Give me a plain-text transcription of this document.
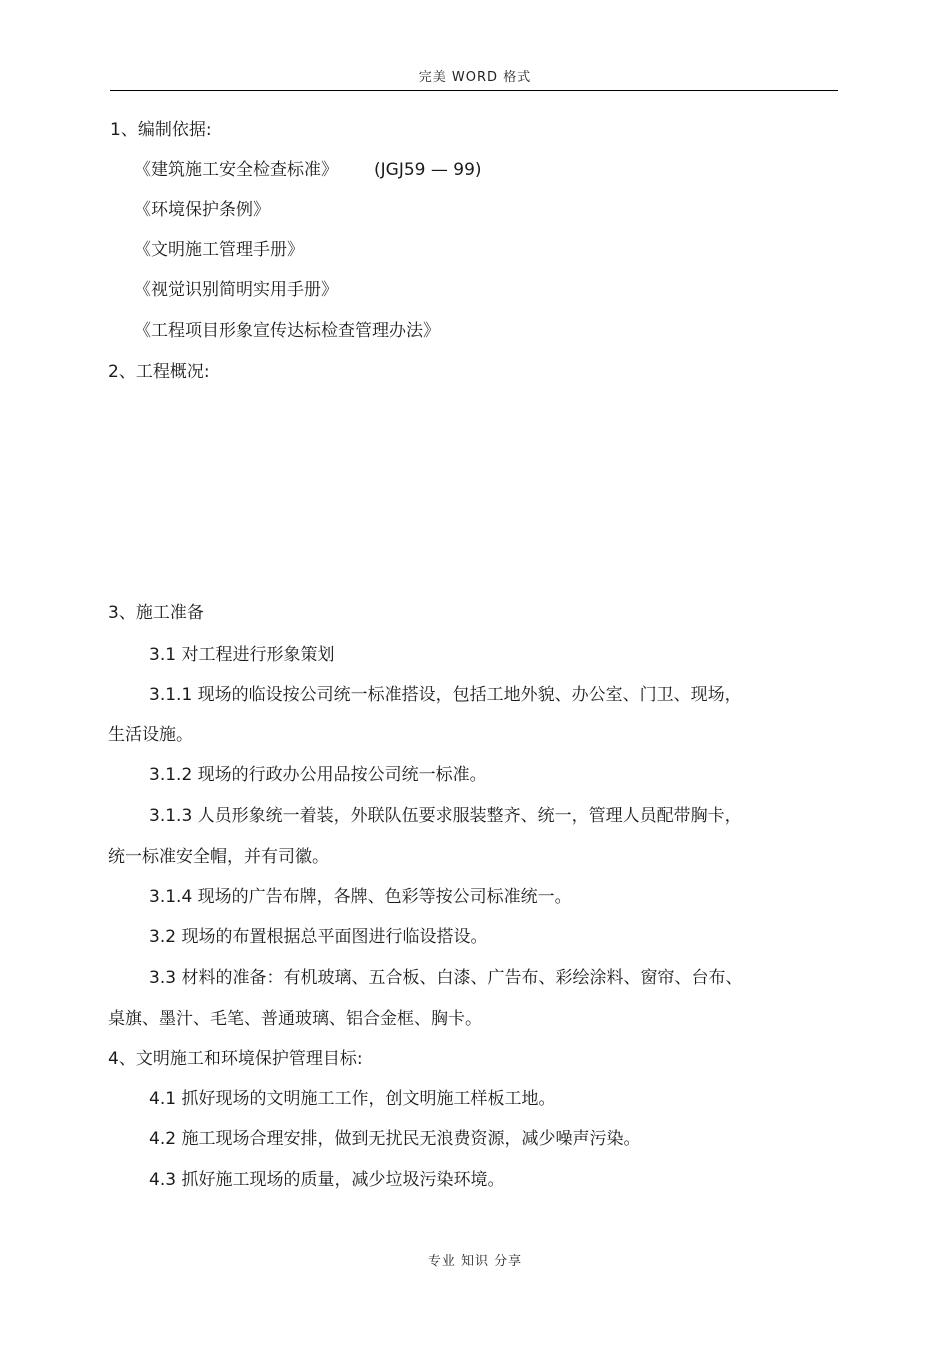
完美 WORD 格式
1、编制依据:
《建筑施工安全检查标准》 (JGJ59 — 99)
《环境保护条例》
《文明施工管理手册》
《视觉识别简明实用手册》
《工程项目形象宣传达标检查管理办法》
2、工程概况:
3、施工准备
3.1 对工程进行形象策划
3.1.1 现场的临设按公司统一标准搭设，包括工地外貌、办公室、门卫、现场，
生活设施。
3.1.2 现场的行政办公用品按公司统一标准。
3.1.3 人员形象统一着装，外联队伍要求服装整齐、统一，管理人员配带胸卡，
统一标准安全帽，并有司徽。
3.1.4 现场的广告布牌，各牌、色彩等按公司标准统一。
3.2 现场的布置根据总平面图进行临设搭设。
3.3 材料的准备：有机玻璃、五合板、白漆、广告布、彩绘涂料、窗帘、台布、
桌旗、墨汁、毛笔、普通玻璃、铝合金框、胸卡。
4、文明施工和环境保护管理目标:
4.1 抓好现场的文明施工工作，创文明施工样板工地。
4.2 施工现场合理安排，做到无扰民无浪费资源，减少噪声污染。
4.3 抓好施工现场的质量，减少垃圾污染环境。
专业 知识 分享
